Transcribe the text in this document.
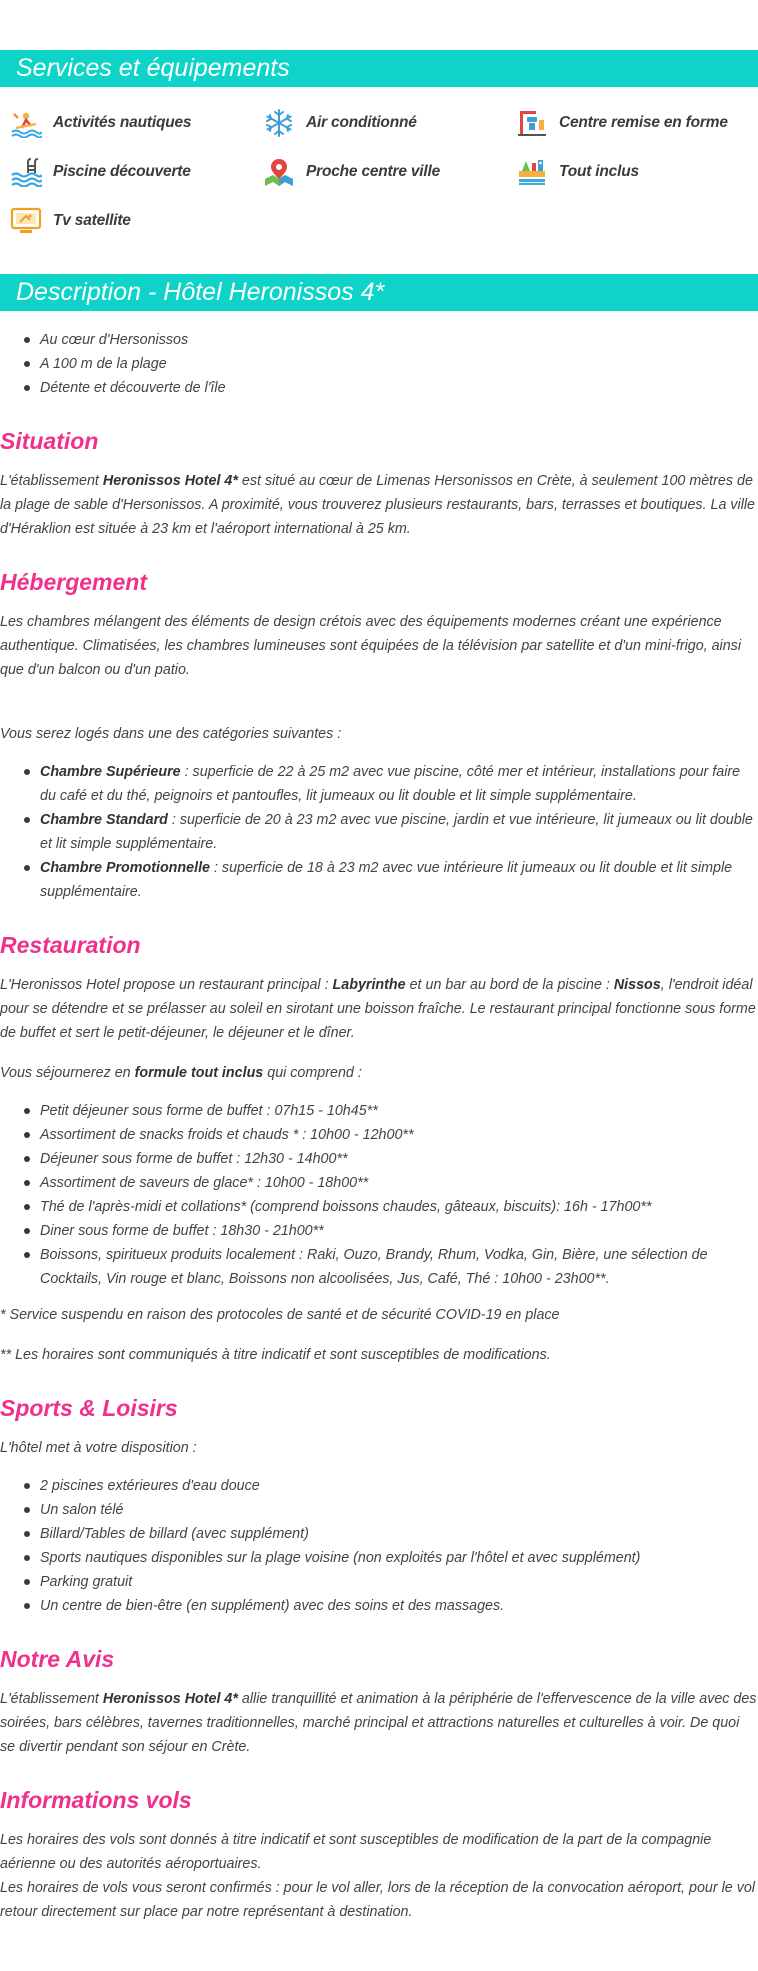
Services et équipements
Activités nautiques	Air conditionné	Centre remise en forme
Piscine découverte	Proche centre ville	Tout inclus
Tv satellite
Description - Hôtel Heronissos 4*
Au cœur d'Hersonissos
A 100 m de la plage
Détente et découverte de l'île
Situation

L'établissement Heronissos Hotel 4* est situé au cœur de Limenas Hersonissos en Crète, à seulement 100 mètres de la plage de sable d'Hersonissos. A proximité, vous trouverez plusieurs restaurants, bars, terrasses et boutiques. La ville d'Héraklion est située à 23 km et l'aéroport international à 25 km.

Hébergement

Les chambres mélangent des éléments de design crétois avec des équipements modernes créant une expérience authentique. Climatisées, les chambres lumineuses sont équipées de la télévision par satellite et d'un mini-frigo, ainsi que d'un balcon ou d'un patio.

Vous serez logés dans une des catégories suivantes :

Chambre Supérieure : superficie de 22 à 25 m2 avec vue piscine, côté mer et intérieur, installations pour faire du café et du thé, peignoirs et pantoufles, lit jumeaux ou lit double et lit simple supplémentaire.
Chambre Standard : superficie de 20 à 23 m2 avec vue piscine, jardin et vue intérieure, lit jumeaux ou lit double et lit simple supplémentaire.
Chambre Promotionnelle : superficie de 18 à 23 m2 avec vue intérieure lit jumeaux ou lit double et lit simple supplémentaire.
Restauration

L'Heronissos Hotel propose un restaurant principal : Labyrinthe et un bar au bord de la piscine : Nissos, l'endroit idéal pour se détendre et se prélasser au soleil en sirotant une boisson fraîche. Le restaurant principal fonctionne sous forme de buffet et sert le petit-déjeuner, le déjeuner et le dîner.

Vous séjournerez en formule tout inclus qui comprend :

Petit déjeuner sous forme de buffet : 07h15 - 10h45**
Assortiment de snacks froids et chauds * : 10h00 - 12h00**
Déjeuner sous forme de buffet : 12h30 - 14h00**
Assortiment de saveurs de glace* : 10h00 - 18h00**
Thé de l'après-midi et collations* (comprend boissons chaudes, gâteaux, biscuits): 16h - 17h00**
Diner sous forme de buffet : 18h30 - 21h00**
Boissons, spiritueux produits localement : Raki, Ouzo, Brandy, Rhum, Vodka, Gin, Bière, une sélection de Cocktails, Vin rouge et blanc, Boissons non alcoolisées, Jus, Café, Thé : 10h00 - 23h00**.

* Service suspendu en raison des protocoles de santé et de sécurité COVID-19 en place

** Les horaires sont communiqués à titre indicatif et sont susceptibles de modifications.

Sports & Loisirs

L'hôtel met à votre disposition :

2 piscines extérieures d'eau douce
Un salon télé
Billard/Tables de billard (avec supplément)
Sports nautiques disponibles sur la plage voisine (non exploités par l'hôtel et avec supplément)
Parking gratuit
Un centre de bien-être (en supplément) avec des soins et des massages.
Notre Avis

L'établissement Heronissos Hotel 4* allie tranquillité et animation à la périphérie de l'effervescence de la ville avec des soirées, bars célèbres, tavernes traditionnelles, marché principal et attractions naturelles et culturelles à voir. De quoi se divertir pendant son séjour en Crète.

Informations vols

Les horaires des vols sont donnés à titre indicatif et sont susceptibles de modification de la part de la compagnie aérienne ou des autorités aéroportuaires.

Les horaires de vols vous seront confirmés : pour le vol aller, lors de la réception de la convocation aéroport, pour le vol retour directement sur place par notre représentant à destination.
